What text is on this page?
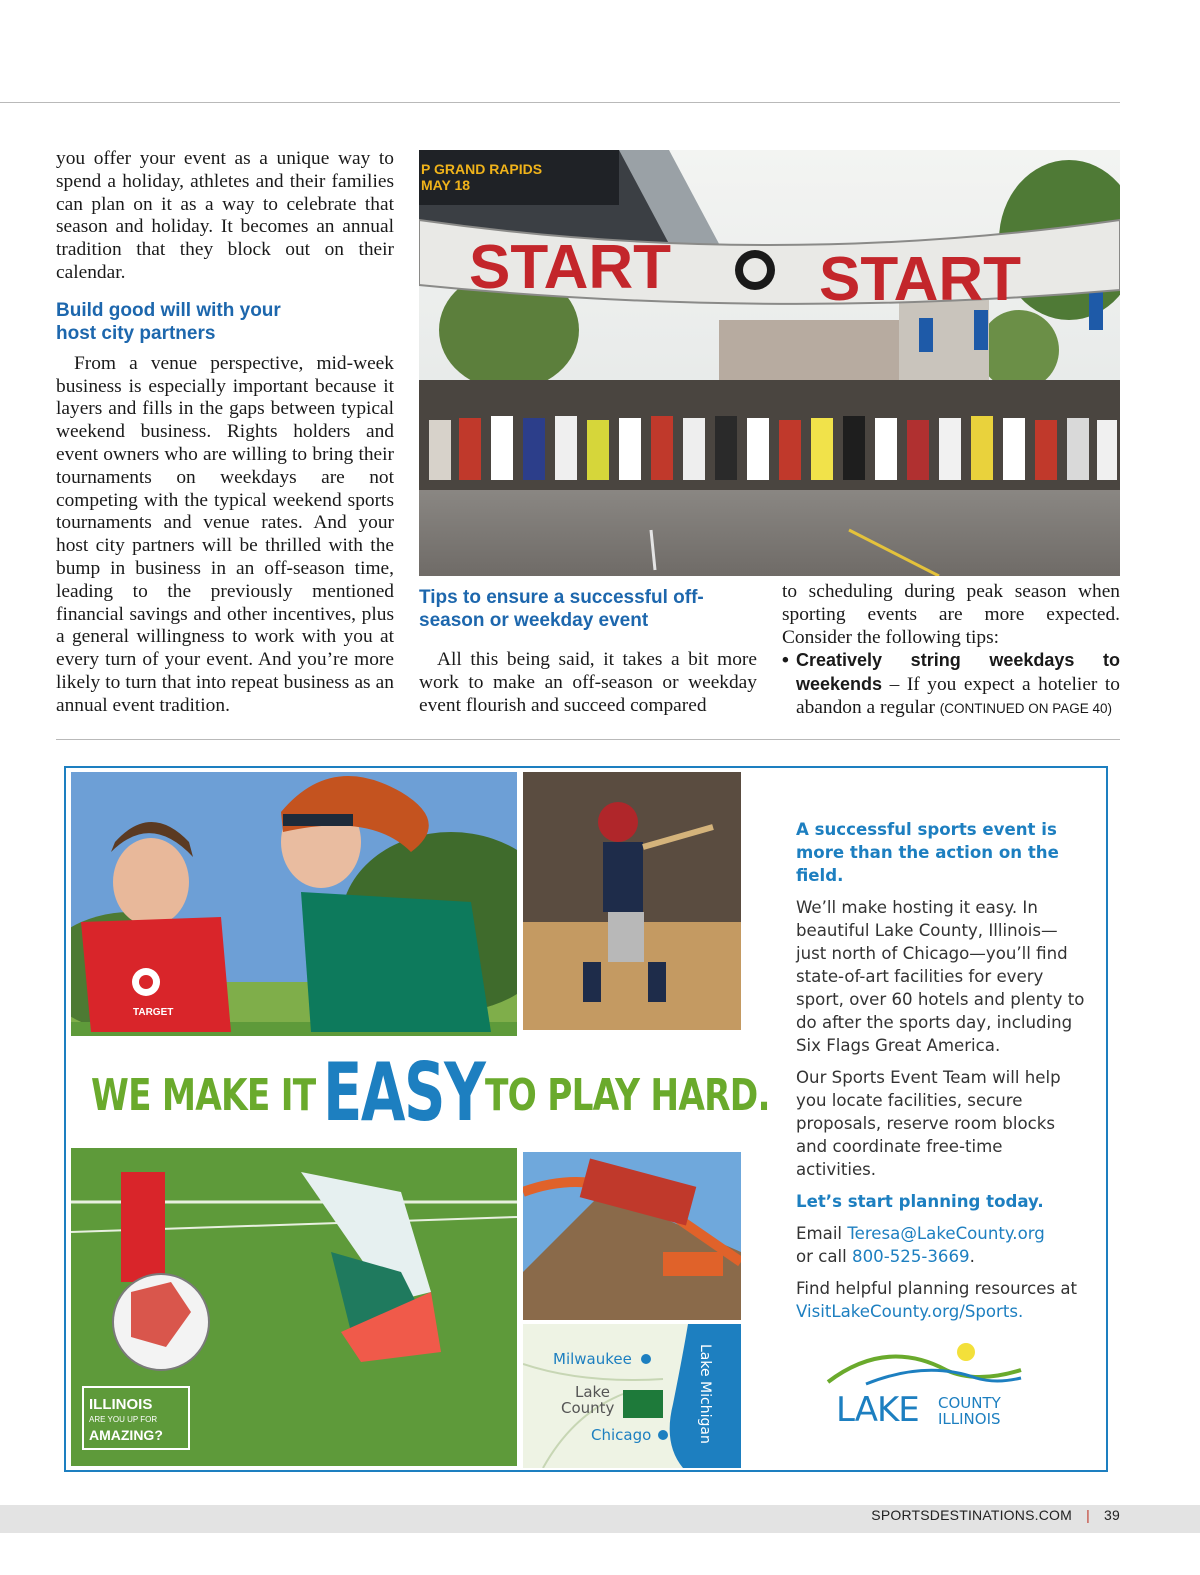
you offer your event as a unique way to spend a holiday, athletes and their families can plan on it as a way to celebrate that season and holiday. It becomes an annual tradition that they block out on their calendar.

Build good will with your host city partners

From a venue perspective, mid-week business is especially important because it layers and fills in the gaps between typical weekend business. Rights holders and event owners who are willing to bring their tournaments on weekdays are not competing with the typical weekend sports tournaments and venue rates. And your host city partners will be thrilled with the bump in business in an off-season time, leading to the previously mentioned financial savings and other incentives, plus a general willingness to work with you at every turn of your event. And you’re more likely to turn that into repeat business as an annual event tradition.

P GRAND RAPIDS
MAY 18
START START
Tips to ensure a successful off-season or weekday event

All this being said, it takes a bit more work to make an off-season or weekday event flourish and succeed compared

to scheduling during peak season when sporting events are more expected. Consider the following tips:

• Creatively string weekdays to weekends – If you expect a hotelier to abandon a regular (CONTINUED ON PAGE 40)
TARGET
ILLINOIS
ARE YOU UP FOR
AMAZING?
WE MAKE IT EASY TO PLAY HARD.
Milwaukee
Lake
County
Chicago	Lake Michigan

A successful sports event is more than the action on the field.

We’ll make hosting it easy. In beautiful Lake County, Illinois—just north of Chicago—you’ll find state-of-art facilities for every sport, over 60 hotels and plenty to do after the sports day, including Six Flags Great America.

Our Sports Event Team will help you locate facilities, secure proposals, reserve room blocks and coordinate free-time activities.

Let’s start planning today.

Email Teresa@LakeCounty.org
or call 800-525-3669.

Find helpful planning resources at VisitLakeCounty.org/Sports.

LAKE COUNTY
ILLINOIS
SPORTSDESTINATIONS.COM | 39
